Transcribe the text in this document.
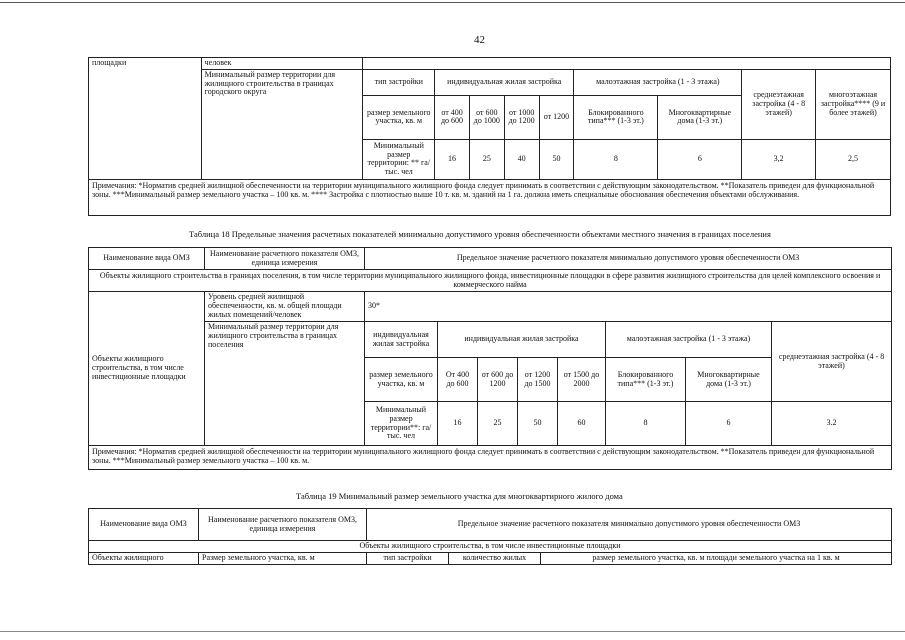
42
площадки	человек									
	Минимальный размер территории для жилищного строительства в границах городского округа	тип застройки	индивидуальная жилая застройка				малоэтажная застройка (1 - 3 этажа)		среднеэтажная застройка (4 - 8 этажей)	многоэтажная застройка**** (9 и более этажей)
		размер земельного участка, кв. м	от 400 до 600	от 600 до 1000	от 1000 до 1200	от 1200	Блокированного типа*** (1-3 эт.)	Многоквартирные дома (1-3 эт.)		
		Минимальный размер территории: ** га/тыс. чел	16	25	40	50	8	6	3,2	2,5
Примечания: *Норматив средней жилищной обеспеченности на территории муниципального жилищного фонда следует принимать в соответствии с действующим законодательством. **Показатель приведен для функциональной зоны. ***Минимальный размер земельного участка – 100 кв. м. **** Застройка с плотностью выше 10 т. кв. м. зданий на 1 га. должна иметь специальные обоснования обеспечения объектами обслуживания.										
Таблица 18 Предельные значения расчетных показателей минимально допустимого уровня обеспеченности объектами местного значения в границах поселения
Наименование вида ОМЗ	Наименование расчетного показателя ОМЗ, единица измерения	Предельное значение расчетного показателя минимально допустимого уровня обеспеченности ОМЗ							
Объекты жилищного строительства в границах поселения, в том числе территории муниципального жилищного фонда, инвестиционные площадки в сфере развития жилищного строительства для целей комплексного освоения и коммерческого найма									
Объекты жилищного строительства, в том числе инвестиционные площадки	Уровень средней жилищной обеспеченности, кв. м. общей площади жилых помещений/человек	30*							
	Минимальный размер территории для жилищного строительства в границах поселения	индивидуальная жилая застройка	индивидуальная жилая застройка				малоэтажная застройка (1 - 3 этажа)		среднеэтажная застройка (4 - 8 этажей)
		размер земельного участка, кв. м	От 400 до 600	от 600 до 1200	от 1200 до 1500	от 1500 до 2000	Блокированного типа*** (1-3 эт.)	Многоквартирные дома (1-3 эт.)	
		Минимальный размер территории**: га/тыс. чел	16	25	50	60	8	6	3.2
Примечания: *Норматив средней жилищной обеспеченности на территории муниципального жилищного фонда следует принимать в соответствии с действующим законодательством. **Показатель приведен для функциональной зоны. ***Минимальный размер земельного участка – 100 кв. м.									
Таблица 19 Минимальный размер земельного участка для многоквартирного жилого дома
Наименование вида ОМЗ	Наименование расчетного показателя ОМЗ, единица измерения	Предельное значение расчетного показателя минимально допустимого уровня обеспеченности ОМЗ		
Объекты жилищного строительства, в том числе инвестиционные площадки				
Объекты жилищного	Размер земельного участка, кв. м	тип застройки	количество жилых	размер земельного участка, кв. м площади земельного участка на 1 кв. м
